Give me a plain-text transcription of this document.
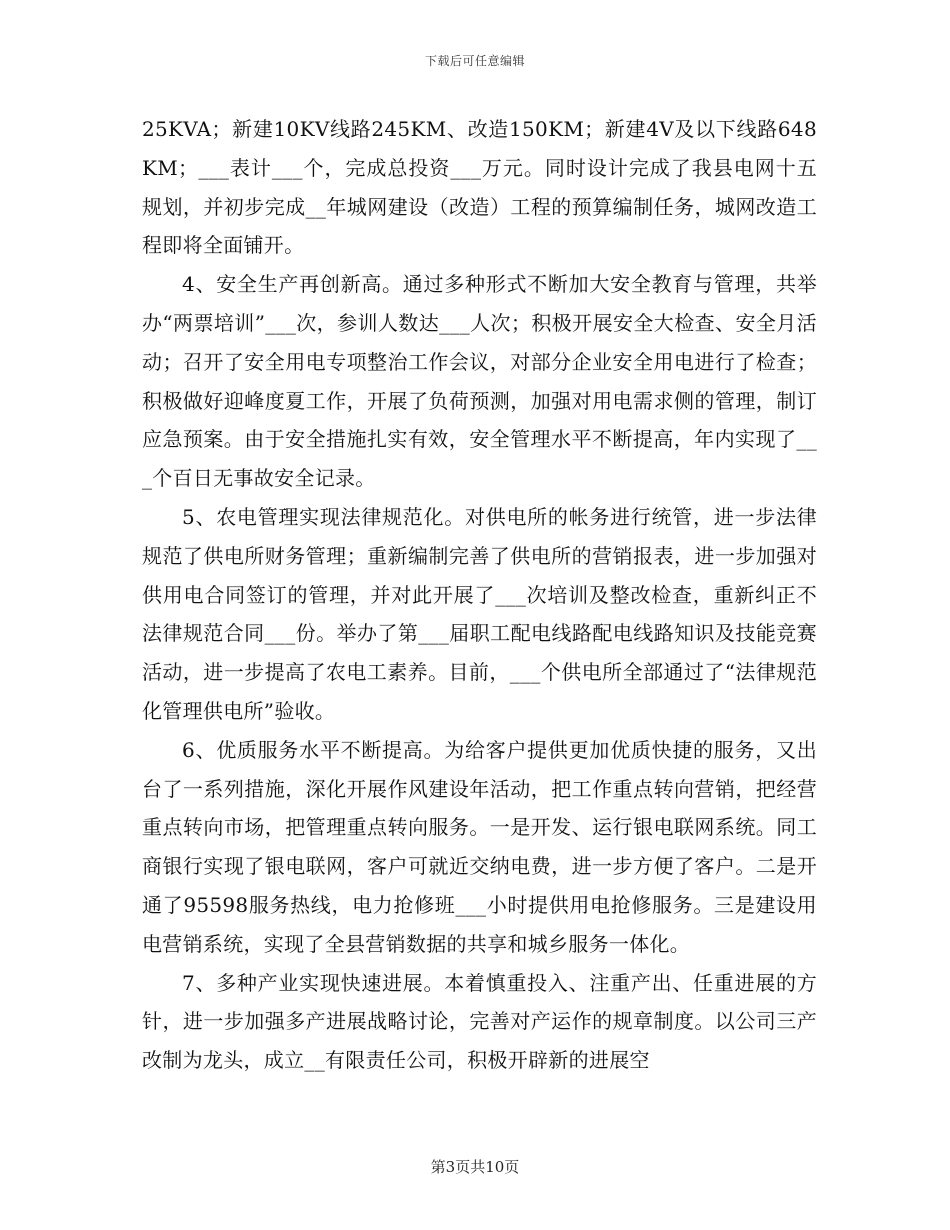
下载后可任意编辑

25KVA；新建10KV线路245KM、改造150KM；新建4V及以下线路648KM；___表计___个，完成总投资___万元。同时设计完成了我县电网十五规划，并初步完成__年城网建设（改造）工程的预算编制任务，城网改造工程即将全面铺开。

4、安全生产再创新高。通过多种形式不断加大安全教育与管理，共举办“两票培训”___次，参训人数达___人次；积极开展安全大检查、安全月活动；召开了安全用电专项整治工作会议，对部分企业安全用电进行了检查；积极做好迎峰度夏工作，开展了负荷预测，加强对用电需求侧的管理，制订应急预案。由于安全措施扎实有效，安全管理水平不断提高，年内实现了___个百日无事故安全记录。

5、农电管理实现法律规范化。对供电所的帐务进行统管，进一步法律规范了供电所财务管理；重新编制完善了供电所的营销报表，进一步加强对供用电合同签订的管理，并对此开展了___次培训及整改检查，重新纠正不法律规范合同___份。举办了第___届职工配电线路配电线路知识及技能竞赛活动，进一步提高了农电工素养。目前，___个供电所全部通过了“法律规范化管理供电所”验收。

6、优质服务水平不断提高。为给客户提供更加优质快捷的服务，又出台了一系列措施，深化开展作风建设年活动，把工作重点转向营销，把经营重点转向市场，把管理重点转向服务。一是开发、运行银电联网系统。同工商银行实现了银电联网，客户可就近交纳电费，进一步方便了客户。二是开通了95598服务热线，电力抢修班___小时提供用电抢修服务。三是建设用电营销系统，实现了全县营销数据的共享和城乡服务一体化。

7、多种产业实现快速进展。本着慎重投入、注重产出、任重进展的方针，进一步加强多产进展战略讨论，完善对产运作的规章制度。以公司三产改制为龙头，成立__有限责任公司，积极开辟新的进展空

第3页共10页
